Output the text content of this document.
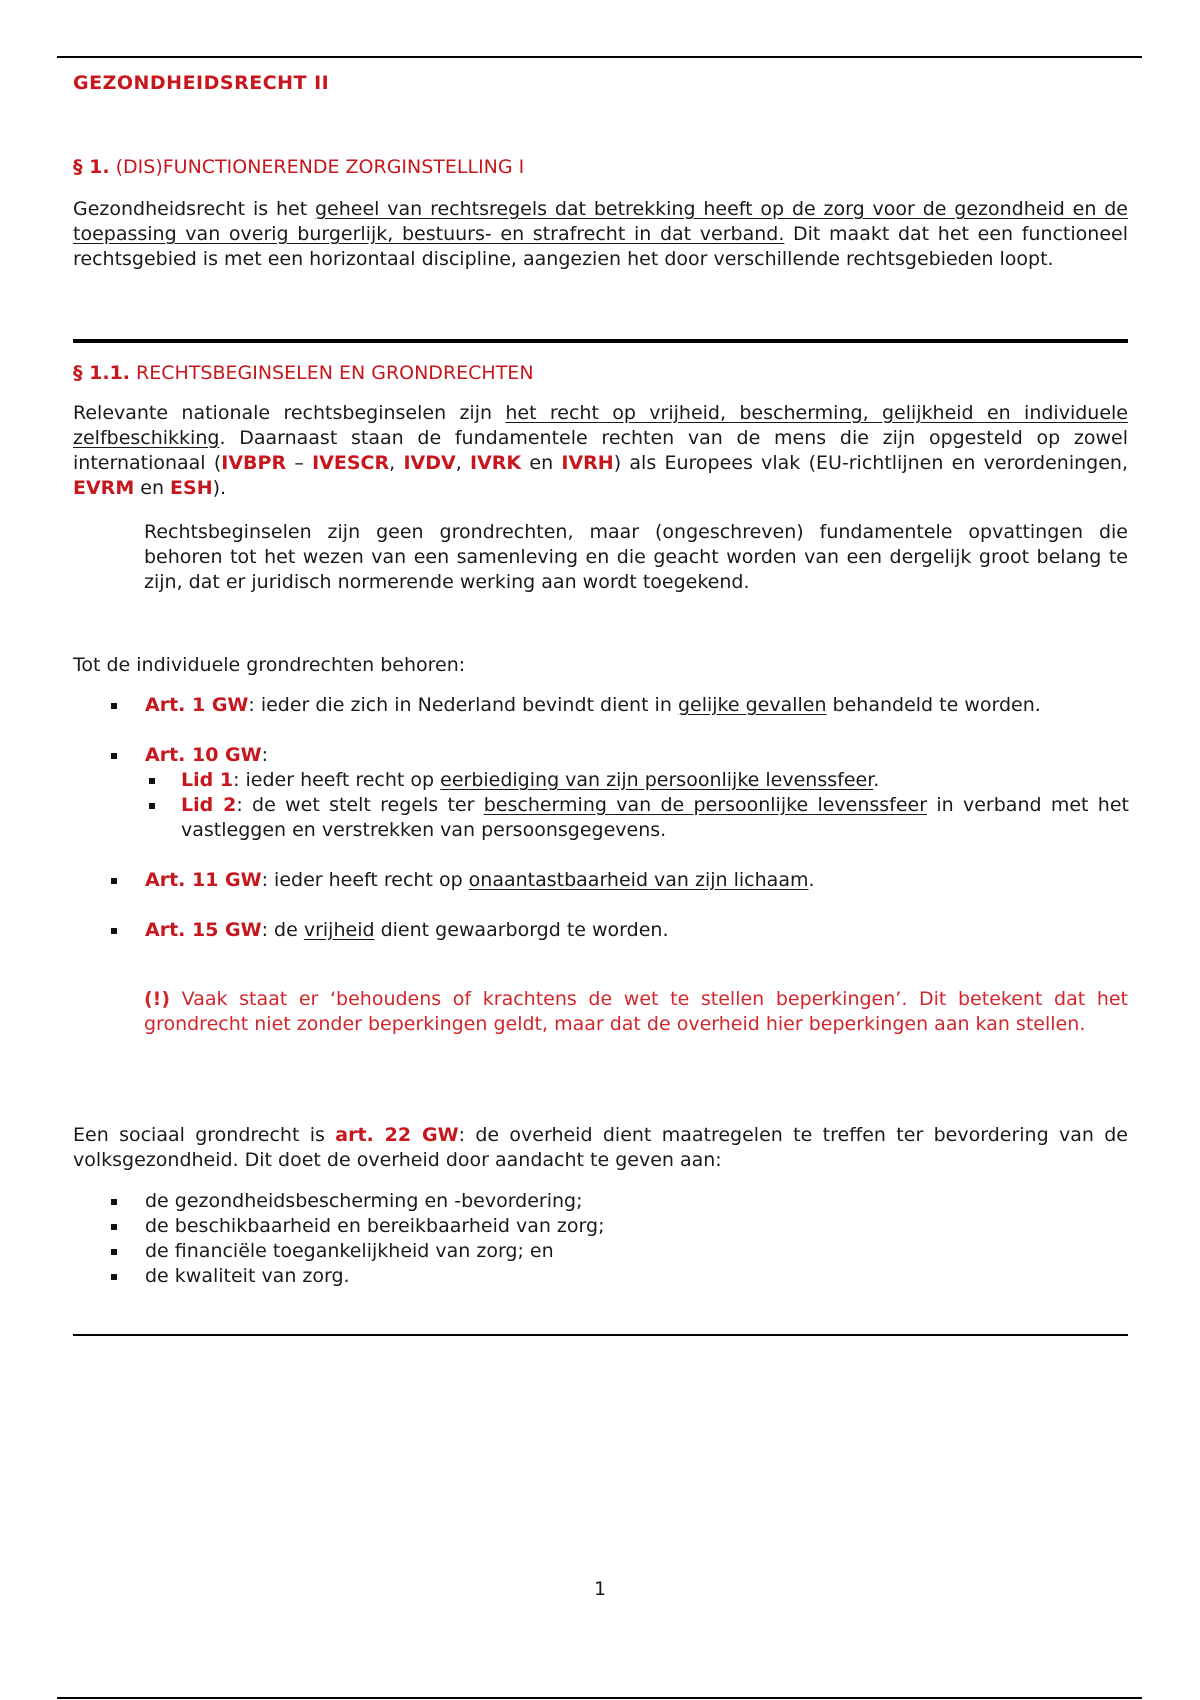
GEZONDHEIDSRECHT II
§ 1. (DIS)FUNCTIONERENDE ZORGINSTELLING I

Gezondheidsrecht is het geheel van rechtsregels dat betrekking heeft op de zorg voor de gezondheid en de toepassing van overig burgerlijk, bestuurs- en strafrecht in dat verband. Dit maakt dat het een functioneel rechtsgebied is met een horizontaal discipline, aangezien het door verschillende rechtsgebieden loopt.

§ 1.1. RECHTSBEGINSELEN EN GRONDRECHTEN

Relevante nationale rechtsbeginselen zijn het recht op vrijheid, bescherming, gelijkheid en individuele zelfbeschikking. Daarnaast staan de fundamentele rechten van de mens die zijn opgesteld op zowel internationaal (IVBPR – IVESCR, IVDV, IVRK en IVRH) als Europees vlak (EU-richtlijnen en verordeningen, EVRM en ESH).

Rechtsbeginselen zijn geen grondrechten, maar (ongeschreven) fundamentele opvattingen die behoren tot het wezen van een samenleving en die geacht worden van een dergelijk groot belang te zijn, dat er juridisch normerende werking aan wordt toegekend.

Tot de individuele grondrechten behoren:

Art. 1 GW: ieder die zich in Nederland bevindt dient in gelijke gevallen behandeld te worden.
Art. 10 GW:
Lid 1: ieder heeft recht op eerbiediging van zijn persoonlijke levenssfeer.
Lid 2: de wet stelt regels ter bescherming van de persoonlijke levenssfeer in verband met het vastleggen en verstrekken van persoonsgegevens.
Art. 11 GW: ieder heeft recht op onaantastbaarheid van zijn lichaam.
Art. 15 GW: de vrijheid dient gewaarborgd te worden.

(!) Vaak staat er ‘behoudens of krachtens de wet te stellen beperkingen’. Dit betekent dat het grondrecht niet zonder beperkingen geldt, maar dat de overheid hier beperkingen aan kan stellen.

Een sociaal grondrecht is art. 22 GW: de overheid dient maatregelen te treffen ter bevordering van de volksgezondheid. Dit doet de overheid door aandacht te geven aan:

de gezondheidsbescherming en -bevordering;
de beschikbaarheid en bereikbaarheid van zorg;
de financiële toegankelijkheid van zorg; en
de kwaliteit van zorg.
1
